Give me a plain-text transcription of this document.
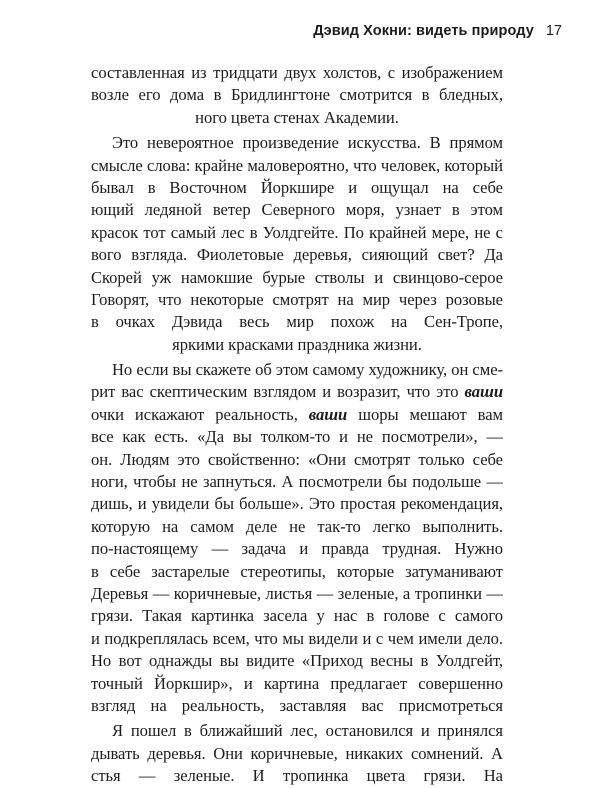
Дэвид Хокни: видеть природу 17
составленная из тридцати двух холстов, с изображением
возле его дома в Бридлингтоне смотрится в бледных,
ного цвета стенах Академии.
Это невероятное произведение искусства. В прямом
смысле слова: крайне маловероятно, что человек, который
бывал в Восточном Йоркшире и ощущал на себе
ющий ледяной ветер Северного моря, узнает в этом
красок тот самый лес в Уолдгейте. По крайней мере, не с
вого взгляда. Фиолетовые деревья, сияющий свет? Да
Скорей уж намокшие бурые стволы и свинцово-серое
Говорят, что некоторые смотрят на мир через розовые
в очках Дэвида весь мир похож на Сен-Тропе,
яркими красками праздника жизни.
Но если вы скажете об этом самому художнику, он сме-
рит вас скептическим взглядом и возразит, что это ваши
очки искажают реальность, ваши шоры мешают вам
все как есть. «Да вы толком-то и не посмотрели», —
он. Людям это свойственно: «Они смотрят только себе
ноги, чтобы не запнуться. А посмотрели бы подольше —
дишь, и увидели бы больше». Это простая рекомендация,
которую на самом деле не так-то легко выполнить.
по-настоящему — задача и правда трудная. Нужно
в себе застарелые стереотипы, которые затуманивают
Деревья — коричневые, листья — зеленые, а тропинки —
грязи. Такая картинка засела у нас в голове с самого
и подкреплялась всем, что мы видели и с чем имели дело.
Но вот однажды вы видите «Приход весны в Уолдгейт,
точный Йоркшир», и картина предлагает совершенно
взгляд на реальность, заставляя вас присмотреться
Я пошел в ближайший лес, остановился и принялся
дывать деревья. Они коричневые, никаких сомнений. А
стья — зеленые. И тропинка цвета грязи. На
